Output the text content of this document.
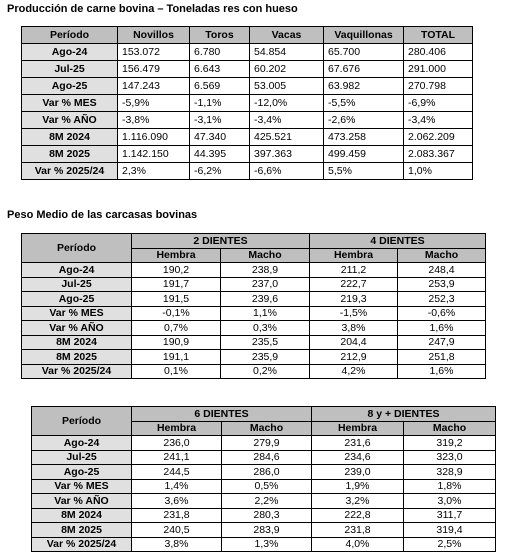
Producción de carne bovina – Toneladas res con hueso
Período	Novillos	Toros	Vacas	Vaquillonas	TOTAL
Ago-24	153.072	6.780	54.854	65.700	280.406
Jul-25	156.479	6.643	60.202	67.676	291.000
Ago-25	147.243	6.569	53.005	63.982	270.798
Var % MES	-5,9%	-1,1%	-12,0%	-5,5%	-6,9%
Var % AÑO	-3,8%	-3,1%	-3,4%	-2,6%	-3,4%
8M 2024	1.116.090	47.340	425.521	473.258	2.062.209
8M 2025	1.142.150	44.395	397.363	499.459	2.083.367
Var % 2025/24	2,3%	-6,2%	-6,6%	5,5%	1,0%
Peso Medio de las carcasas bovinas
Período	2 DIENTES		4 DIENTES	
	Hembra	Macho	Hembra	Macho
Ago-24	190,2	238,9	211,2	248,4
Jul-25	191,7	237,0	222,7	253,9
Ago-25	191,5	239,6	219,3	252,3
Var % MES	-0,1%	1,1%	-1,5%	-0,6%
Var % AÑO	0,7%	0,3%	3,8%	1,6%
8M 2024	190,9	235,5	204,4	247,9
8M 2025	191,1	235,9	212,9	251,8
Var % 2025/24	0,1%	0,2%	4,2%	1,6%
Período	6 DIENTES		8 y + DIENTES	
	Hembra	Macho	Hembra	Macho
Ago-24	236,0	279,9	231,6	319,2
Jul-25	241,1	284,6	234,6	323,0
Ago-25	244,5	286,0	239,0	328,9
Var % MES	1,4%	0,5%	1,9%	1,8%
Var % AÑO	3,6%	2,2%	3,2%	3,0%
8M 2024	231,8	280,3	222,8	311,7
8M 2025	240,5	283,9	231,8	319,4
Var % 2025/24	3,8%	1,3%	4,0%	2,5%
